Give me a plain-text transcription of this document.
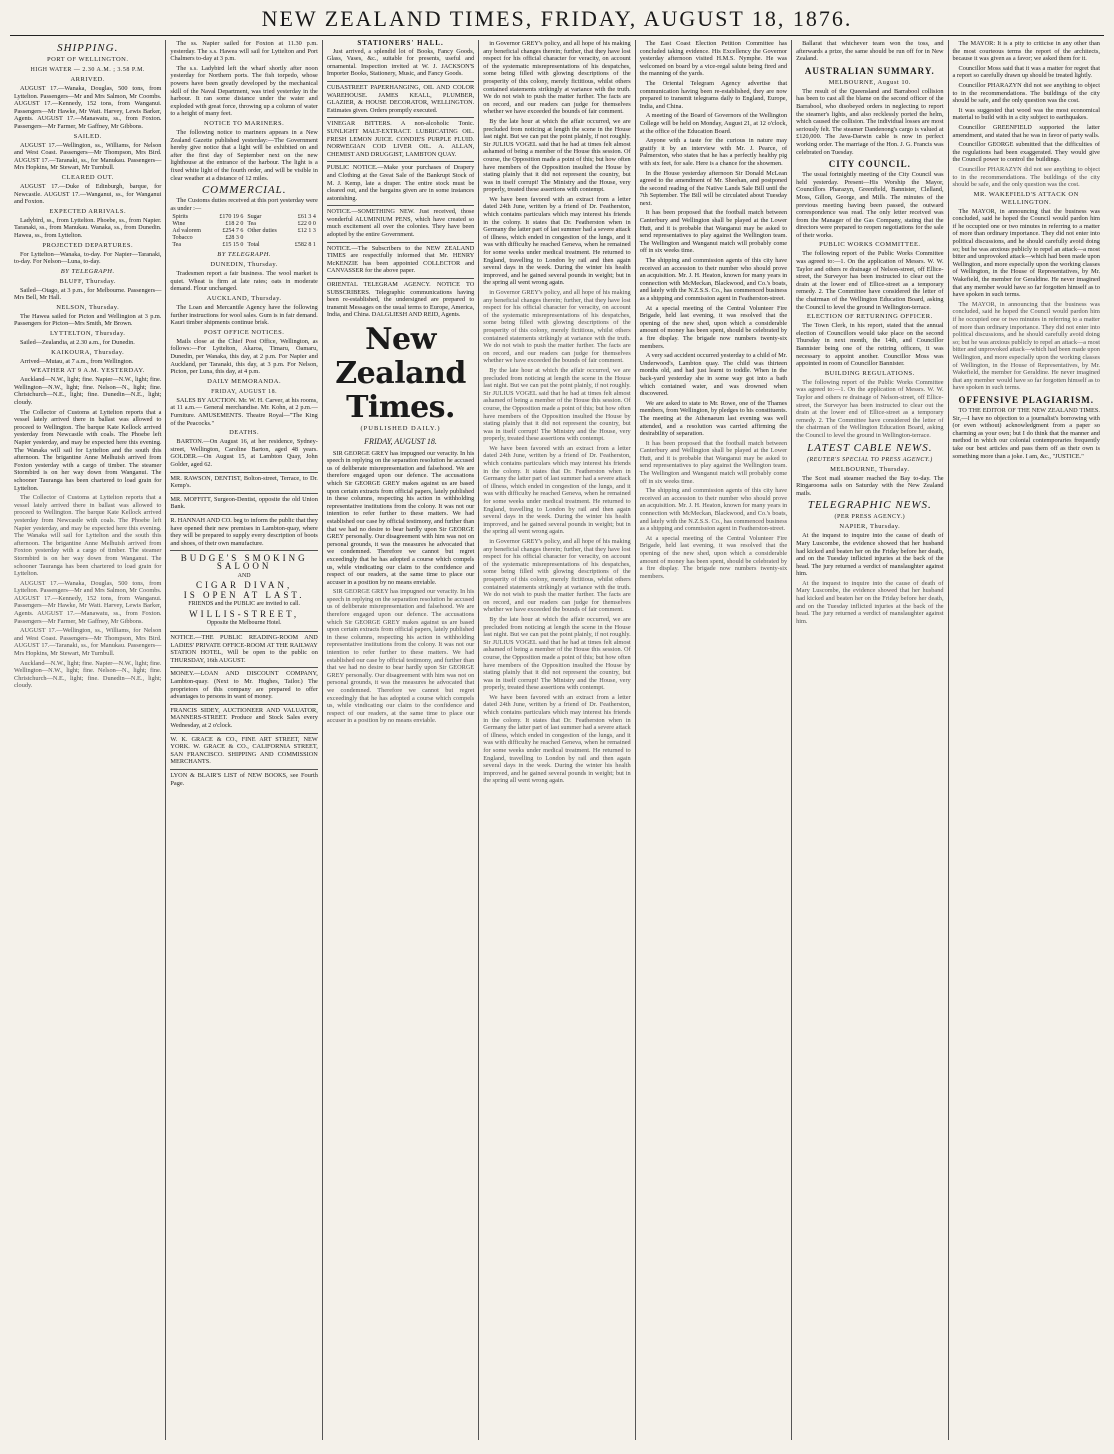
NEW ZEALAND TIMES, FRIDAY, AUGUST 18, 1876.
SHIPPING.
PORT OF WELLINGTON.
HIGH WATER — 2.30 A.M. ; 3.58 P.M.
ARRIVED.

AUGUST 17.—Wanaka, Douglas, 500 tons, from Lyttelton. Passengers—Mr and Mrs Salmon, Mr Coombs. AUGUST 17.—Kennedy, 152 tons, from Wanganui. Passengers—Mr Hawke, Mr Watt. Harvey, Lewis Barker, Agents. AUGUST 17.—Manawatu, ss., from Foxton. Passengers—Mr Farmer, Mr Gaffney, Mr Gibbons.

SAILED.

AUGUST 17.—Wellington, ss., Williams, for Nelson and West Coast. Passengers—Mr Thompson, Mrs Bird. AUGUST 17.—Taranaki, ss., for Manukau. Passengers—Mrs Hopkins, Mr Stewart, Mr Turnbull.

CLEARED OUT.

AUGUST 17.—Duke of Edinburgh, barque, for Newcastle. AUGUST 17.—Wanganui, ss., for Wanganui and Foxton.

EXPECTED ARRIVALS.

Ladybird, ss., from Lyttelton. Phoebe, ss., from Napier. Taranaki, ss., from Manukau. Wanaka, ss., from Dunedin. Hawea, ss., from Lyttelton.

PROJECTED DEPARTURES.

For Lyttelton—Wanaka, to-day. For Napier—Taranaki, to-day. For Nelson—Luna, to-day.

BY TELEGRAPH.
BLUFF, Thursday.

Sailed—Otago, at 3 p.m., for Melbourne. Passengers—Mrs Bell, Mr Hall.

NELSON, Thursday.

The Hawea sailed for Picton and Wellington at 3 p.m. Passengers for Picton—Mrs Smith, Mr Brown.

LYTTELTON, Thursday.

Sailed—Zealandia, at 2.30 a.m., for Dunedin.

KAIKOURA, Thursday.

Arrived—Mutau, at 7 a.m., from Wellington.

WEATHER AT 9 A.M. YESTERDAY.

Auckland—N.W., light; fine. Napier—N.W., light; fine. Wellington—N.W., light; fine. Nelson—N., light; fine. Christchurch—N.E., light; fine. Dunedin—N.E., light; cloudy.

The Collector of Customs at Lyttelton reports that a vessel lately arrived there in ballast was allowed to proceed to Wellington. The barque Kate Kellock arrived yesterday from Newcastle with coals. The Phoebe left Napier yesterday, and may be expected here this evening. The Wanaka will sail for Lyttelton and the south this afternoon. The brigantine Anne Melhuish arrived from Foxton yesterday with a cargo of timber. The steamer Stormbird is on her way down from Wanganui. The schooner Tauranga has been chartered to load grain for Lyttelton.

The Collector of Customs at Lyttelton reports that a vessel lately arrived there in ballast was allowed to proceed to Wellington. The barque Kate Kellock arrived yesterday from Newcastle with coals. The Phoebe left Napier yesterday, and may be expected here this evening. The Wanaka will sail for Lyttelton and the south this afternoon. The brigantine Anne Melhuish arrived from Foxton yesterday with a cargo of timber. The steamer Stormbird is on her way down from Wanganui. The schooner Tauranga has been chartered to load grain for Lyttelton.

AUGUST 17.—Wanaka, Douglas, 500 tons, from Lyttelton. Passengers—Mr and Mrs Salmon, Mr Coombs. AUGUST 17.—Kennedy, 152 tons, from Wanganui. Passengers—Mr Hawke, Mr Watt. Harvey, Lewis Barker, Agents. AUGUST 17.—Manawatu, ss., from Foxton. Passengers—Mr Farmer, Mr Gaffney, Mr Gibbons.

AUGUST 17.—Wellington, ss., Williams, for Nelson and West Coast. Passengers—Mr Thompson, Mrs Bird. AUGUST 17.—Taranaki, ss., for Manukau. Passengers—Mrs Hopkins, Mr Stewart, Mr Turnbull.

Auckland—N.W., light; fine. Napier—N.W., light; fine. Wellington—N.W., light; fine. Nelson—N., light; fine. Christchurch—N.E., light; fine. Dunedin—N.E., light; cloudy.

The ss. Napier sailed for Foxton at 11.30 p.m. yesterday. The s.s. Hawea will sail for Lyttelton and Port Chalmers to-day at 3 p.m.

The s.s. Ladybird left the wharf shortly after noon yesterday for Northern ports. The fish torpedo, whose powers have been greatly developed by the mechanical skill of the Naval Department, was tried yesterday in the harbour. It ran some distance under the water and exploded with great force, throwing up a column of water to a height of many feet.

NOTICE TO MARINERS.

The following notice to mariners appears in a New Zealand Gazette published yesterday:—The Government hereby give notice that a light will be exhibited on and after the first day of September next on the new lighthouse at the entrance of the harbour. The light is a fixed white light of the fourth order, and will be visible in clear weather at a distance of 12 miles.

COMMERCIAL.

The Customs duties received at this port yesterday were as under :—

Spirits	£170 19 6	Sugar	£61 3 4
Wine	£18 2 0	Tea	£22 0 0
Ad valorem	£254 7 6	Other duties	£12 1 3
Tobacco	£28 3 0		
Tea	£15 15 0	Total	£582 8 1
BY TELEGRAPH.
DUNEDIN, Thursday.

Tradesmen report a fair business. The wool market is quiet. Wheat is firm at late rates; oats in moderate demand. Flour unchanged.

AUCKLAND, Thursday.

The Loan and Mercantile Agency have the following further instructions for wool sales. Gum is in fair demand. Kauri timber shipments continue brisk.

POST OFFICE NOTICES.

Mails close at the Chief Post Office, Wellington, as follows:—For Lyttelton, Akaroa, Timaru, Oamaru, Dunedin, per Wanaka, this day, at 2 p.m. For Napier and Auckland, per Taranaki, this day, at 3 p.m. For Nelson, Picton, per Luna, this day, at 4 p.m.

DAILY MEMORANDA.
FRIDAY, AUGUST 18.

SALES BY AUCTION. Mr. W. H. Carver, at his rooms, at 11 a.m.— General merchandise. Mr. Kohn, at 2 p.m.— Furniture. AMUSEMENTS. Theatre Royal—"The King of the Peacocks."

DEATHS.

BARTON.—On August 16, at her residence, Sydney-street, Wellington, Caroline Barton, aged 48 years. GOLDER.—On August 15, at Lambton Quay, John Golder, aged 62.

MR. RAWSON, DENTIST, Bolton-street, Terrace, to Dr. Kemp's.

MR. MOFFITT, Surgeon-Dentist, opposite the old Union Bank.

R. HANNAH AND CO. beg to inform the public that they have opened their new premises in Lambton-quay, where they will be prepared to supply every description of boots and shoes, of their own manufacture.

BUDGE'S SMOKING SALOON
AND
CIGAR DIVAN,
IS OPEN AT LAST.
FRIENDS and the PUBLIC are invited to call.
WILLIS-STREET,
Opposite the Melbourne Hotel.

NOTICE.—THE PUBLIC READING-ROOM AND LADIES' PRIVATE OFFICE-ROOM AT THE RAILWAY STATION HOTEL, Will be open to the public on THURSDAY, 16th AUGUST.

MONEY.—LOAN AND DISCOUNT COMPANY, Lambton-quay. (Next to Mr. Hughes, Tailor.) The proprietors of this company are prepared to offer advantages to persons in want of money.

FRANCIS SIDEY, AUCTIONEER AND VALUATOR, MANNERS-STREET. Produce and Stock Sales every Wednesday, at 2 o'clock.

W. K. GRACE & CO., FINE ART STREET, NEW YORK. W. GRACE & CO., CALIFORNIA STREET, SAN FRANCISCO. SHIPPING AND COMMISSION MERCHANTS.

LYON & BLAIR'S LIST of NEW BOOKS, see Fourth Page.

STATIONERS' HALL.

Just arrived, a splendid lot of Books, Fancy Goods, Glass, Vases, &c., suitable for presents, useful and ornamental. Inspection invited at W. J. JACKSON'S Importer Books, Stationery, Music, and Fancy Goods.

CUBASTREET PAPERHANGING, OIL AND COLOR WAREHOUSE. JAMES KEALL, PLUMBER, GLAZIER, & HOUSE DECORATOR, WELLINGTON. Estimates given. Orders promptly executed.

VINEGAR BITTERS. A non-alcoholic Tonic. SUNLIGHT MALT-EXTRACT. LUBRICATING OIL. FRESH LEMON JUICE. CONDIE'S PURPLE FLUID. NORWEGIAN COD LIVER OIL. A. ALLAN, CHEMIST AND DRUGGIST, LAMBTON QUAY.

PUBLIC NOTICE.—Make your purchases of Drapery and Clothing at the Great Sale of the Bankrupt Stock of M. J. Kemp, late a draper. The entire stock must be cleared out, and the bargains given are in some instances astonishing.

NOTICE.—SOMETHING NEW. Just received, those wonderful ALUMINIUM PENS, which have created so much excitement all over the colonies. They have been adopted by the entire Government.

NOTICE.—The Subscribers to the NEW ZEALAND TIMES are respectfully informed that Mr. HENRY McKENZIE has been appointed COLLECTOR and CANVASSER for the above paper.

ORIENTAL TELEGRAM AGENCY. NOTICE TO SUBSCRIBERS. Telegraphic communications having been re-established, the undersigned are prepared to transmit Messages on the usual terms to Europe, America, India, and China. DALGLIESH AND REID, Agents.

New Zealand Times.
(PUBLISHED DAILY.)
FRIDAY, AUGUST 18.

SIR GEORGE GREY has impugned our veracity. In his speech in replying on the separation resolution he accused us of deliberate misrepresentation and falsehood. We are therefore engaged upon our defence. The accusations which Sir GEORGE GREY makes against us are based upon certain extracts from official papers, lately published in these columns, respecting his action in withholding representative institutions from the colony. It was not our intention to refer further to these matters. We had established our case by official testimony, and further than that we had no desire to bear hardly upon Sir GEORGE GREY personally. Our disagreement with him was not on personal grounds, it was the measures he advocated that we condemned. Therefore we cannot but regret exceedingly that he has adopted a course which compels us, while vindicating our claim to the confidence and respect of our readers, at the same time to place our accuser in a position by no means enviable.

SIR GEORGE GREY has impugned our veracity. In his speech in replying on the separation resolution he accused us of deliberate misrepresentation and falsehood. We are therefore engaged upon our defence. The accusations which Sir GEORGE GREY makes against us are based upon certain extracts from official papers, lately published in these columns, respecting his action in withholding representative institutions from the colony. It was not our intention to refer further to these matters. We had established our case by official testimony, and further than that we had no desire to bear hardly upon Sir GEORGE GREY personally. Our disagreement with him was not on personal grounds, it was the measures he advocated that we condemned. Therefore we cannot but regret exceedingly that he has adopted a course which compels us, while vindicating our claim to the confidence and respect of our readers, at the same time to place our accuser in a position by no means enviable.

in Governor GREY's policy, and all hope of his making any beneficial changes therein; further, that they have lost respect for his official character for veracity, on account of the systematic misrepresentations of his despatches, some being filled with glowing descriptions of the prosperity of this colony, merely fictitious, whilst others contained statements strikingly at variance with the truth. We do not wish to push the matter further. The facts are on record, and our readers can judge for themselves whether we have exceeded the bounds of fair comment.

By the late hour at which the affair occurred, we are precluded from noticing at length the scene in the House last night. But we can put the point plainly, if not roughly. Sir JULIUS VOGEL said that he had at times felt almost ashamed of being a member of the House this session. Of course, the Opposition made a point of this; but how often have members of the Opposition insulted the House by stating plainly that it did not represent the country, but was in itself corrupt! The Ministry and the House, very properly, treated these assertions with contempt.

We have been favored with an extract from a letter dated 24th June, written by a friend of Dr. Featherston, which contains particulars which may interest his friends in the colony. It states that Dr. Featherston when in Germany the latter part of last summer had a severe attack of illness, which ended in congestion of the lungs, and it was with difficulty he reached Geneva, when he remained for some weeks under medical treatment. He returned to England, travelling to London by rail and then again several days in the week. During the winter his health improved, and he gained several pounds in weight; but in the spring all went wrong again.

in Governor GREY's policy, and all hope of his making any beneficial changes therein; further, that they have lost respect for his official character for veracity, on account of the systematic misrepresentations of his despatches, some being filled with glowing descriptions of the prosperity of this colony, merely fictitious, whilst others contained statements strikingly at variance with the truth. We do not wish to push the matter further. The facts are on record, and our readers can judge for themselves whether we have exceeded the bounds of fair comment.

By the late hour at which the affair occurred, we are precluded from noticing at length the scene in the House last night. But we can put the point plainly, if not roughly. Sir JULIUS VOGEL said that he had at times felt almost ashamed of being a member of the House this session. Of course, the Opposition made a point of this; but how often have members of the Opposition insulted the House by stating plainly that it did not represent the country, but was in itself corrupt! The Ministry and the House, very properly, treated these assertions with contempt.

We have been favored with an extract from a letter dated 24th June, written by a friend of Dr. Featherston, which contains particulars which may interest his friends in the colony. It states that Dr. Featherston when in Germany the latter part of last summer had a severe attack of illness, which ended in congestion of the lungs, and it was with difficulty he reached Geneva, when he remained for some weeks under medical treatment. He returned to England, travelling to London by rail and then again several days in the week. During the winter his health improved, and he gained several pounds in weight; but in the spring all went wrong again.

in Governor GREY's policy, and all hope of his making any beneficial changes therein; further, that they have lost respect for his official character for veracity, on account of the systematic misrepresentations of his despatches, some being filled with glowing descriptions of the prosperity of this colony, merely fictitious, whilst others contained statements strikingly at variance with the truth. We do not wish to push the matter further. The facts are on record, and our readers can judge for themselves whether we have exceeded the bounds of fair comment.

By the late hour at which the affair occurred, we are precluded from noticing at length the scene in the House last night. But we can put the point plainly, if not roughly. Sir JULIUS VOGEL said that he had at times felt almost ashamed of being a member of the House this session. Of course, the Opposition made a point of this; but how often have members of the Opposition insulted the House by stating plainly that it did not represent the country, but was in itself corrupt! The Ministry and the House, very properly, treated these assertions with contempt.

We have been favored with an extract from a letter dated 24th June, written by a friend of Dr. Featherston, which contains particulars which may interest his friends in the colony. It states that Dr. Featherston when in Germany the latter part of last summer had a severe attack of illness, which ended in congestion of the lungs, and it was with difficulty he reached Geneva, when he remained for some weeks under medical treatment. He returned to England, travelling to London by rail and then again several days in the week. During the winter his health improved, and he gained several pounds in weight; but in the spring all went wrong again.

The East Coast Election Petition Committee has concluded taking evidence. His Excellency the Governor yesterday afternoon visited H.M.S. Nymphe. He was welcomed on board by a vice-regal salute being fired and the manning of the yards.

The Oriental Telegram Agency advertise that communication having been re-established, they are now prepared to transmit telegrams daily to England, Europe, India, and China.

A meeting of the Board of Governors of the Wellington College will be held on Monday, August 21, at 12 o'clock, at the office of the Education Board.

Anyone with a taste for the curious in nature may gratify it by an interview with Mr. J. Pearce, of Palmerston, who states that he has a perfectly healthy pig with six feet, for sale. Here is a chance for the showmen.

In the House yesterday afternoon Sir Donald McLean agreed to the amendment of Mr. Sheehan, and postponed the second reading of the Native Lands Sale Bill until the 7th September. The Bill will be circulated about Tuesday next.

It has been proposed that the football match between Canterbury and Wellington shall be played at the Lower Hutt, and it is probable that Wanganui may be asked to send representatives to play against the Wellington team. The Wellington and Wanganui match will probably come off in six weeks time.

The shipping and commission agents of this city have received an accession to their number who should prove an acquisition. Mr. J. H. Heaton, known for many years in connection with McMeckan, Blackwood, and Co.'s boats, and lately with the N.Z.S.S. Co., has commenced business as a shipping and commission agent in Featherston-street.

At a special meeting of the Central Volunteer Fire Brigade, held last evening, it was resolved that the opening of the new shed, upon which a considerable amount of money has been spent, should be celebrated by a fire display. The brigade now numbers twenty-six members.

A very sad accident occurred yesterday to a child of Mr. Underwood's, Lambton quay. The child was thirteen months old, and had just learnt to toddle. When in the back-yard yesterday she in some way got into a bath which contained water, and was drowned when discovered.

We are asked to state to Mr. Rowe, one of the Thames members, from Wellington, by pledges to his constituents. The meeting at the Athenaeum last evening was well attended, and a resolution was carried affirming the desirability of separation.

It has been proposed that the football match between Canterbury and Wellington shall be played at the Lower Hutt, and it is probable that Wanganui may be asked to send representatives to play against the Wellington team. The Wellington and Wanganui match will probably come off in six weeks time.

The shipping and commission agents of this city have received an accession to their number who should prove an acquisition. Mr. J. H. Heaton, known for many years in connection with McMeckan, Blackwood, and Co.'s boats, and lately with the N.Z.S.S. Co., has commenced business as a shipping and commission agent in Featherston-street.

At a special meeting of the Central Volunteer Fire Brigade, held last evening, it was resolved that the opening of the new shed, upon which a considerable amount of money has been spent, should be celebrated by a fire display. The brigade now numbers twenty-six members.

Ballarat that whichever team won the toss, and afterwards a prize, the same should be run off for in New Zealand.

AUSTRALIAN SUMMARY.
MELBOURNE, August 10.

The result of the Queensland and Barrabool collision has been to cast all the blame on the second officer of the Barrabool, who disobeyed orders in neglecting to report the steamer's lights, and also recklessly ported the helm, which caused the collision. The individual losses are most seriously felt. The steamer Dandenong's cargo is valued at £120,000. The Java-Darwin cable is now in perfect working order. The marriage of the Hon. J. G. Francis was celebrated on Tuesday.

CITY COUNCIL.

The usual fortnightly meeting of the City Council was held yesterday. Present—His Worship the Mayor, Councillors Pharazyn, Greenfield, Bannister, Clelland, Moss, Gillon, George, and Mills. The minutes of the previous meeting having been passed, the outward correspondence was read. The only letter received was from the Manager of the Gas Company, stating that the directors were prepared to reopen negotiations for the sale of their works.

PUBLIC WORKS COMMITTEE.

The following report of the Public Works Committee was agreed to:—1. On the application of Messrs. W. W. Taylor and others re drainage of Nelson-street, off Ellice-street, the Surveyor has been instructed to clear out the drain at the lower end of Ellice-street as a temporary remedy. 2. The Committee have considered the letter of the chairman of the Wellington Education Board, asking the Council to level the ground in Wellington-terrace.

ELECTION OF RETURNING OFFICER.

The Town Clerk, in his report, stated that the annual election of Councillors would take place on the second Thursday in next month, the 14th, and Councillor Bannister being one of the retiring officers, it was necessary to appoint another. Councillor Moss was appointed in room of Councillor Bannister.

BUILDING REGULATIONS.

The following report of the Public Works Committee was agreed to:—1. On the application of Messrs. W. W. Taylor and others re drainage of Nelson-street, off Ellice-street, the Surveyor has been instructed to clear out the drain at the lower end of Ellice-street as a temporary remedy. 2. The Committee have considered the letter of the chairman of the Wellington Education Board, asking the Council to level the ground in Wellington-terrace.

LATEST CABLE NEWS.
(REUTER'S SPECIAL TO PRESS AGENCY.)
MELBOURNE, Thursday.

The Scot mail steamer reached the Bay to-day. The Ringarooma sails on Saturday with the New Zealand mails.

TELEGRAPHIC NEWS.
(PER PRESS AGENCY.)
NAPIER, Thursday.

At the inquest to inquire into the cause of death of Mary Luscombe, the evidence showed that her husband had kicked and beaten her on the Friday before her death, and on the Tuesday inflicted injuries at the back of the head. The jury returned a verdict of manslaughter against him.

At the inquest to inquire into the cause of death of Mary Luscombe, the evidence showed that her husband had kicked and beaten her on the Friday before her death, and on the Tuesday inflicted injuries at the back of the head. The jury returned a verdict of manslaughter against him.

The MAYOR: It is a pity to criticise in any other than the most courteous terms the report of the architects, because it was given as a favor; we asked them for it.

Councillor Moss said that it was a matter for regret that a report so carefully drawn up should be treated lightly.

Councillor PHARAZYN did not see anything to object to in the recommendations. The buildings of the city should be safe, and the only question was the cost.

It was suggested that wood was the most economical material to build with in a city subject to earthquakes.

Councillor GREENFIELD supported the latter amendment, and stated that he was in favor of party walls.

Councillor GEORGE submitted that the difficulties of the regulations had been exaggerated. They would give the Council power to control the buildings.

Councillor PHARAZYN did not see anything to object to in the recommendations. The buildings of the city should be safe, and the only question was the cost.

MR. WAKEFIELD'S ATTACK ON WELLINGTON.

The MAYOR, in announcing that the business was concluded, said he hoped the Council would pardon him if he occupied one or two minutes in referring to a matter of more than ordinary importance. They did not enter into political discussions, and he should carefully avoid doing so; but he was anxious publicly to repel an attack—a most bitter and unprovoked attack—which had been made upon Wellington, and more especially upon the working classes of Wellington, in the House of Representatives, by Mr. Wakefield, the member for Geraldine. He never imagined that any member would have so far forgotten himself as to have spoken in such terms.

The MAYOR, in announcing that the business was concluded, said he hoped the Council would pardon him if he occupied one or two minutes in referring to a matter of more than ordinary importance. They did not enter into political discussions, and he should carefully avoid doing so; but he was anxious publicly to repel an attack—a most bitter and unprovoked attack—which had been made upon Wellington, and more especially upon the working classes of Wellington, in the House of Representatives, by Mr. Wakefield, the member for Geraldine. He never imagined that any member would have so far forgotten himself as to have spoken in such terms.

OFFENSIVE PLAGIARISM.

TO THE EDITOR OF THE NEW ZEALAND TIMES. Sir,—I have no objection to a journalist's borrowing with (or even without) acknowledgment from a paper so charming as your own; but I do think that the manner and method in which our colonial contemporaries frequently take our best articles and pass them off as their own is something more than a joke. I am, &c., "JUSTICE."
